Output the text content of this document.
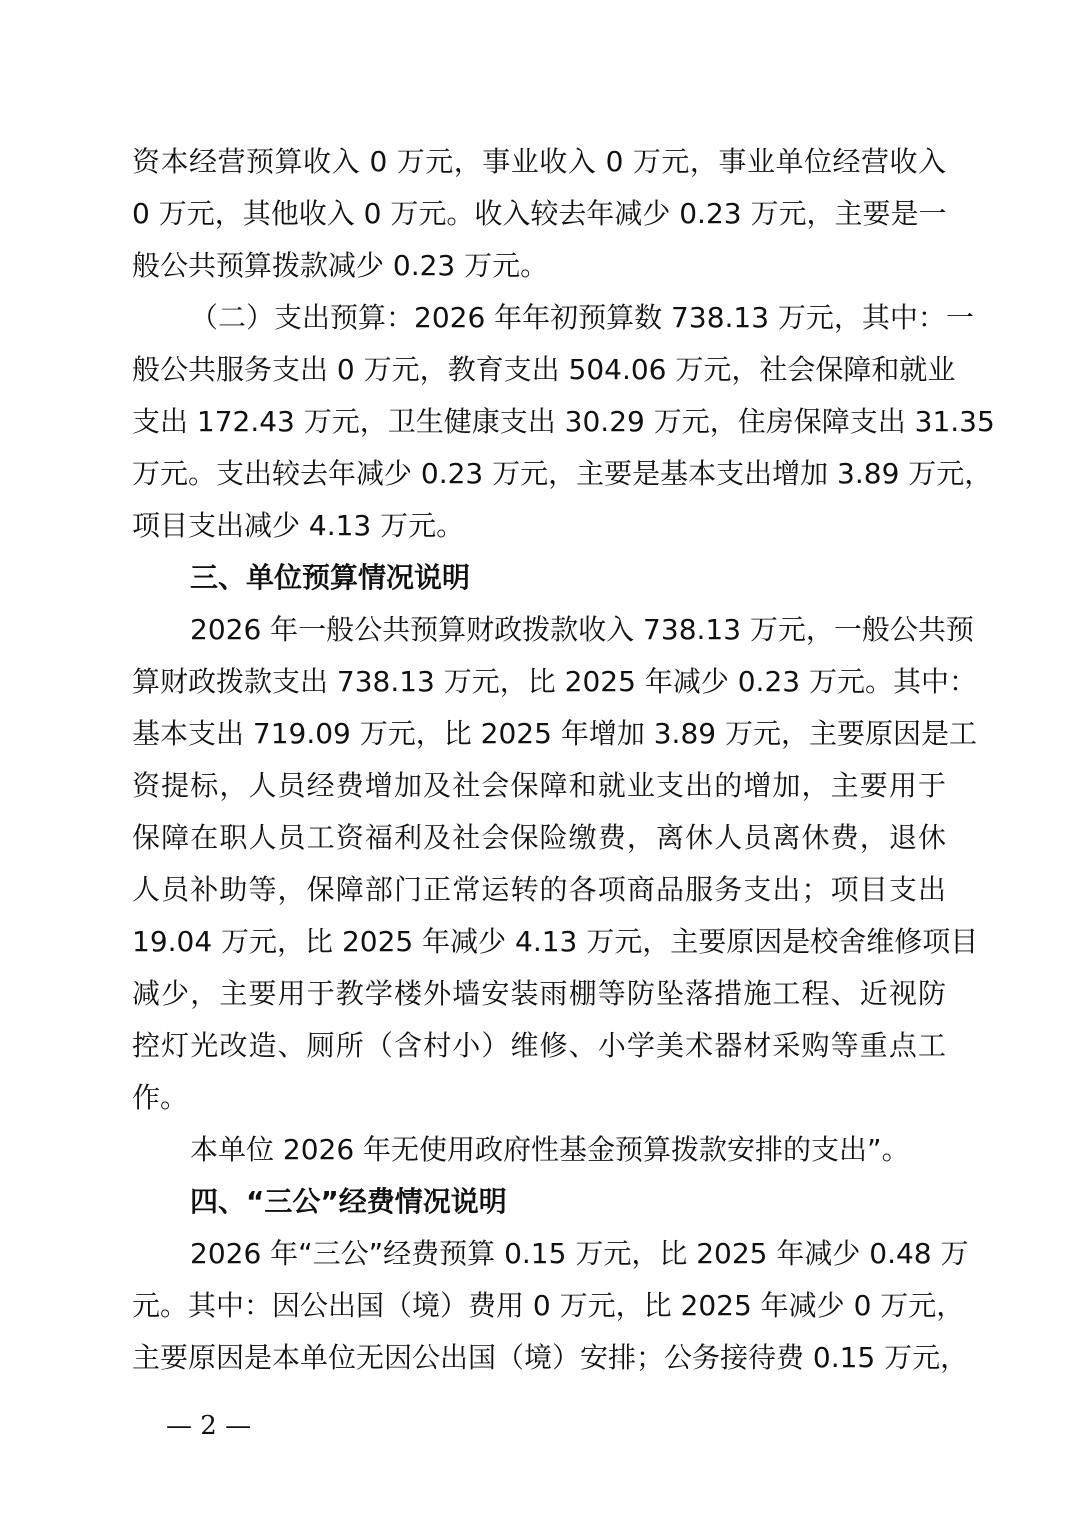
资本经营预算收入 0 万元，事业收入 0 万元，事业单位经营收入
0 万元，其他收入 0 万元。收入较去年减少 0.23 万元，主要是一
般公共预算拨款减少 0.23 万元。
（二）支出预算：2026 年年初预算数 738.13 万元，其中：一
般公共服务支出 0 万元，教育支出 504.06 万元，社会保障和就业
支出 172.43 万元，卫生健康支出 30.29 万元，住房保障支出 31.35
万元。支出较去年减少 0.23 万元，主要是基本支出增加 3.89 万元，
项目支出减少 4.13 万元。
三、单位预算情况说明
2026 年一般公共预算财政拨款收入 738.13 万元，一般公共预
算财政拨款支出 738.13 万元，比 2025 年减少 0.23 万元。其中：
基本支出 719.09 万元，比 2025 年增加 3.89 万元，主要原因是工
资提标，人员经费增加及社会保障和就业支出的增加，主要用于
保障在职人员工资福利及社会保险缴费，离休人员离休费，退休
人员补助等，保障部门正常运转的各项商品服务支出；项目支出
19.04 万元，比 2025 年减少 4.13 万元，主要原因是校舍维修项目
减少，主要用于教学楼外墙安装雨棚等防坠落措施工程、近视防
控灯光改造、厕所（含村小）维修、小学美术器材采购等重点工
作。
本单位 2026 年无使用政府性基金预算拨款安排的支出”。
四、“三公”经费情况说明
2026 年“三公”经费预算 0.15 万元，比 2025 年减少 0.48 万
元。其中：因公出国（境）费用 0 万元，比 2025 年减少 0 万元，
主要原因是本单位无因公出国（境）安排；公务接待费 0.15 万元，
— 2 —
